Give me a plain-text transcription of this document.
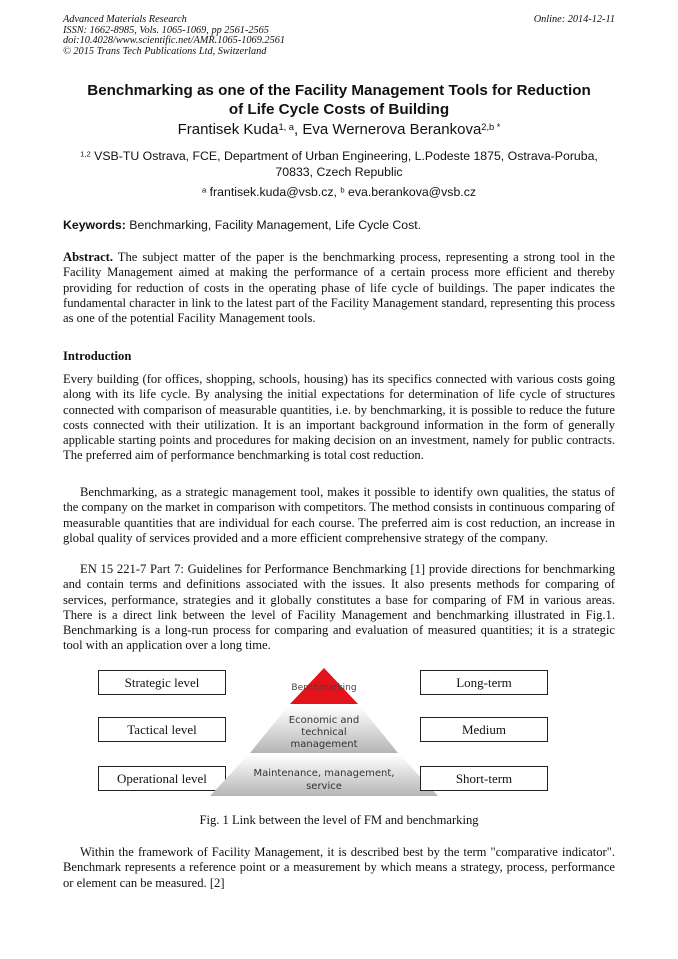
Advanced Materials Research
ISSN: 1662-8985, Vols. 1065-1069, pp 2561-2565
doi:10.4028/www.scientific.net/AMR.1065-1069.2561
© 2015 Trans Tech Publications Ltd, Switzerland
Online: 2014-12-11
Benchmarking as one of the Facility Management Tools for Reduction
of Life Cycle Costs of Building
Frantisek Kuda$^{1, a}$, Eva Wernerova Berankova$^{2,b *}$
$^{1,2}$ VSB-TU Ostrava, FCE, Department of Urban Engineering, L.Podeste 1875, Ostrava-Poruba, 70833, Czech Republic
$^a$ frantisek.kuda@vsb.cz, $^b$ eva.berankova@vsb.cz
Keywords: Benchmarking, Facility Management, Life Cycle Cost.

Abstract. The subject matter of the paper is the benchmarking process, representing a strong tool in the Facility Management aimed at making the performance of a certain process more efficient and thereby providing for reduction of costs in the operating phase of life cycle of buildings. The paper indicates the fundamental character in link to the latest part of the Facility Management standard, representing this process as one of the potential Facility Management tools.

Introduction

Every building (for offices, shopping, schools, housing) has its specifics connected with various costs going along with its life cycle. By analysing the initial expectations for determination of life cycle of structures connected with comparison of measurable quantities, i.e. by benchmarking, it is possible to reduce the future costs connected with their utilization. It is an important background information in the form of generally applicable starting points and procedures for making decision on an investment, namely for public contracts. The preferred aim of performance benchmarking is total cost reduction.

Benchmarking, as a strategic management tool, makes it possible to identify own qualities, the status of the company on the market in comparison with competitors. The method consists in continuous comparing of measurable quantities that are individual for each course. The preferred aim is cost reduction, an increase in global quality of services provided and a more efficient comprehensive strategy of the company.

EN 15 221-7 Part 7: Guidelines for Performance Benchmarking [1] provide directions for benchmarking and contain terms and definitions associated with the issues. It also presents methods for comparing of services, performance, strategies and it globally constitutes a base for comparing of FM in various areas. There is a direct link between the level of Facility Management and benchmarking illustrated in Fig.1. Benchmarking is a long-run process for comparing and evaluation of measured quantities; it is a strategic tool with an application over a long time.

Strategic level
Tactical level
Operational level
Benchmarking
Economic and
technical
management
Maintenance, management,
service
Long-term
Medium
Short-term
Fig. 1 Link between the level of FM and benchmarking

Within the framework of Facility Management, it is described best by the term "comparative indicator". Benchmark represents a reference point or a measurement by which means a strategy, process, performance or element can be measured. [2]
